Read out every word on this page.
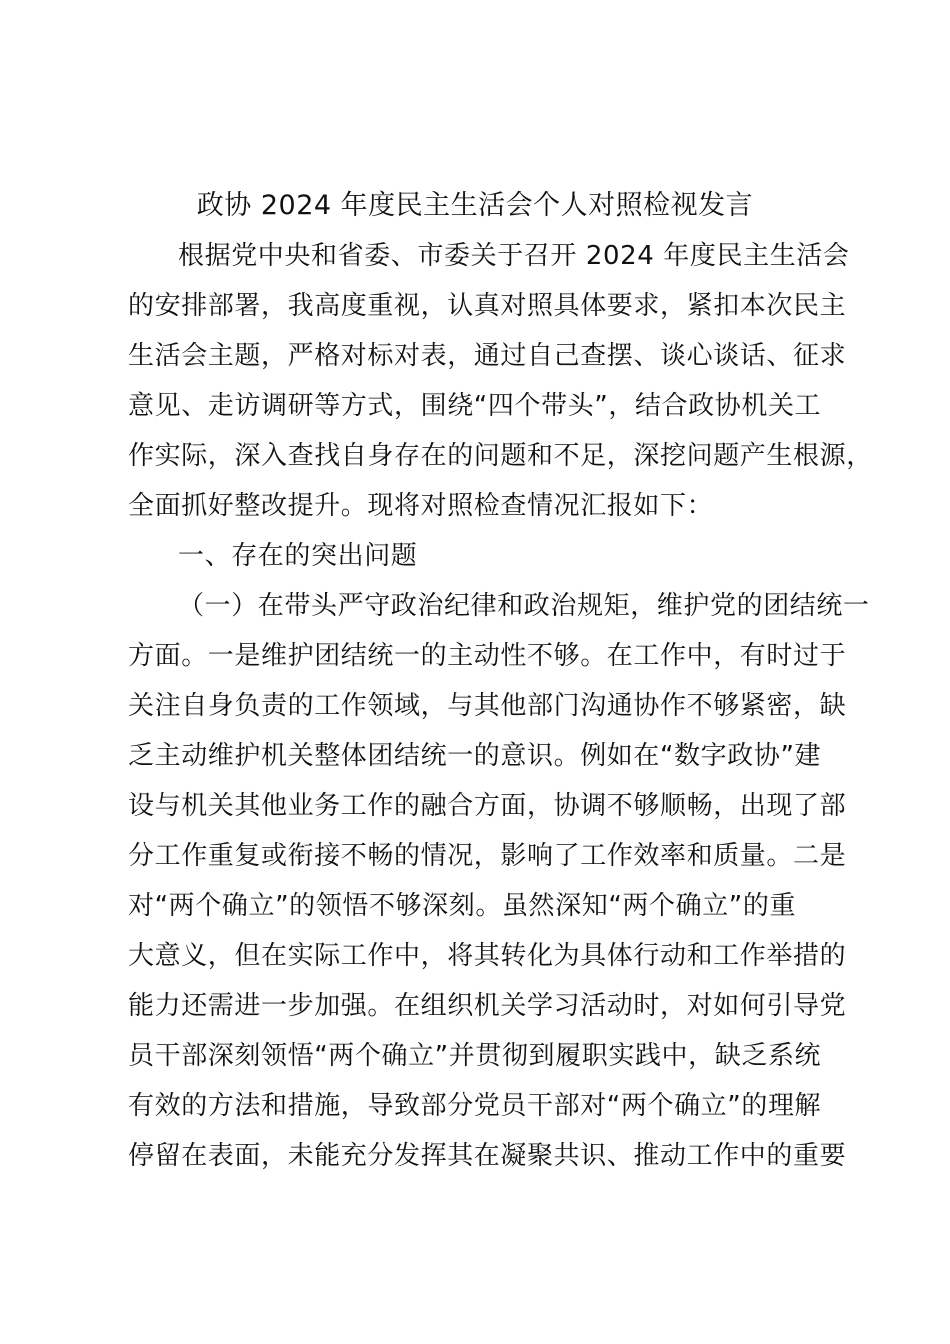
政协 2024 年度民主生活会个人对照检视发言
根据党中央和省委、市委关于召开 2024 年度民主生活会
的安排部署，我高度重视，认真对照具体要求，紧扣本次民主
生活会主题，严格对标对表，通过自己查摆、谈心谈话、征求
意见、走访调研等方式，围绕“四个带头”，结合政协机关工
作实际，深入查找自身存在的问题和不足，深挖问题产生根源，
全面抓好整改提升。现将对照检查情况汇报如下：
一、存在的突出问题
（一）在带头严守政治纪律和政治规矩，维护党的团结统一
方面。一是维护团结统一的主动性不够。在工作中，有时过于
关注自身负责的工作领域，与其他部门沟通协作不够紧密，缺
乏主动维护机关整体团结统一的意识。例如在“数字政协”建
设与机关其他业务工作的融合方面，协调不够顺畅，出现了部
分工作重复或衔接不畅的情况，影响了工作效率和质量。二是
对“两个确立”的领悟不够深刻。虽然深知“两个确立”的重
大意义，但在实际工作中，将其转化为具体行动和工作举措的
能力还需进一步加强。在组织机关学习活动时，对如何引导党
员干部深刻领悟“两个确立”并贯彻到履职实践中，缺乏系统
有效的方法和措施，导致部分党员干部对“两个确立”的理解
停留在表面，未能充分发挥其在凝聚共识、推动工作中的重要
